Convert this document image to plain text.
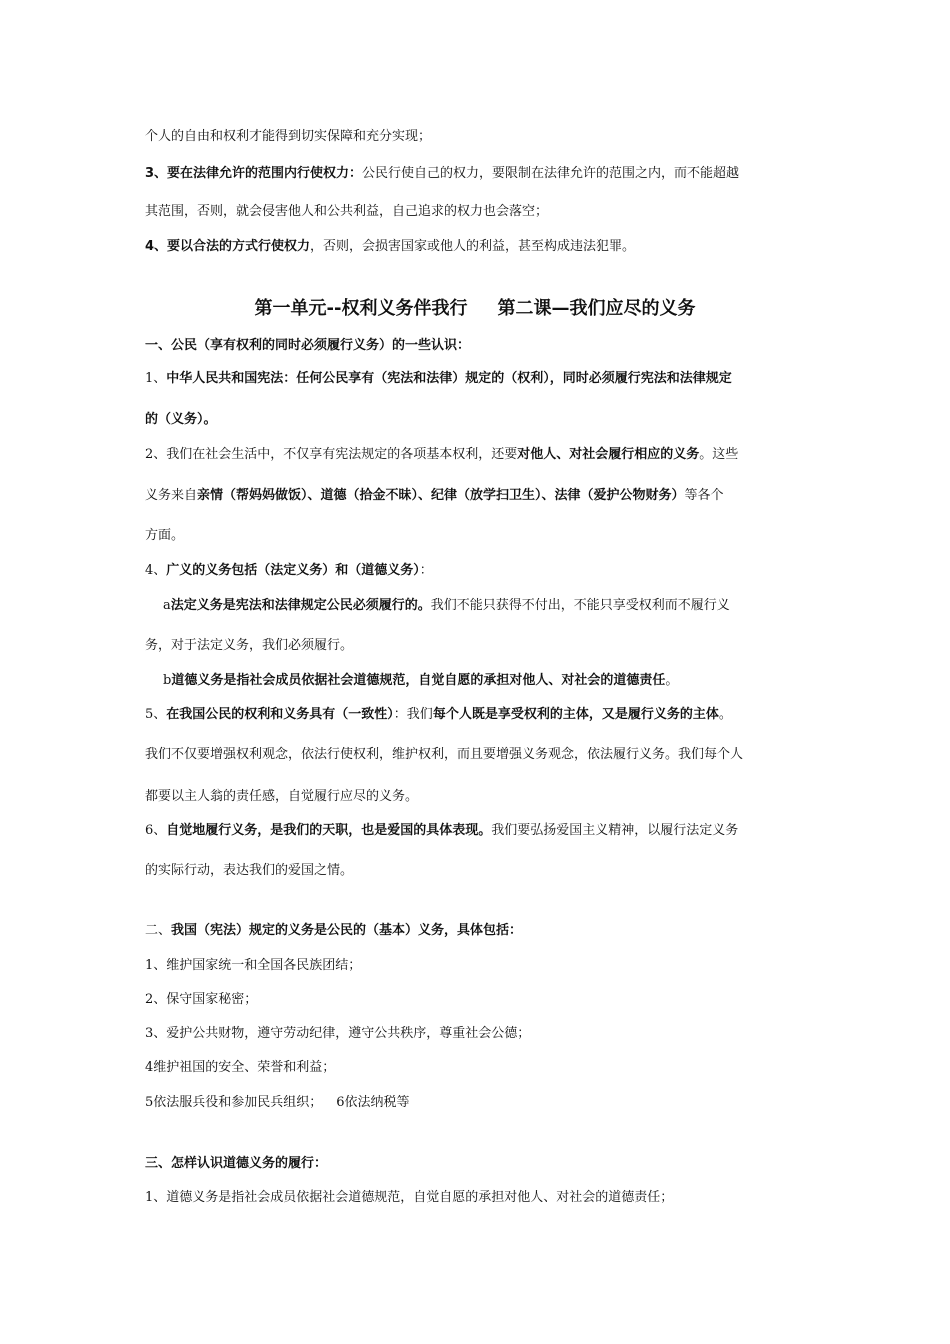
个人的自由和权利才能得到切实保障和充分实现；
3、要在法律允许的范围内行使权力：公民行使自己的权力，要限制在法律允许的范围之内，而不能超越
其范围，否则，就会侵害他人和公共利益，自己追求的权力也会落空；
4、要以合法的方式行使权力，否则，会损害国家或他人的利益，甚至构成违法犯罪。
第一单元--权利义务伴我行 第二课—我们应尽的义务
一、公民（享有权利的同时必须履行义务）的一些认识：
1、中华人民共和国宪法：任何公民享有（宪法和法律）规定的（权利），同时必须履行宪法和法律规定
的（义务）。
2、我们在社会生活中，不仅享有宪法规定的各项基本权利，还要对他人、对社会履行相应的义务。这些
义务来自亲情（帮妈妈做饭）、道德（拾金不昧）、纪律（放学扫卫生）、法律（爱护公物财务）等各个
方面。
4、广义的义务包括（法定义务）和（道德义务）：
a法定义务是宪法和法律规定公民必须履行的。我们不能只获得不付出，不能只享受权利而不履行义
务，对于法定义务，我们必须履行。
b道德义务是指社会成员依据社会道德规范，自觉自愿的承担对他人、对社会的道德责任。
5、在我国公民的权利和义务具有（一致性）：我们每个人既是享受权利的主体，又是履行义务的主体。
我们不仅要增强权利观念，依法行使权利，维护权利，而且要增强义务观念，依法履行义务。我们每个人
都要以主人翁的责任感，自觉履行应尽的义务。
6、自觉地履行义务，是我们的天职，也是爱国的具体表现。我们要弘扬爱国主义精神，以履行法定义务
的实际行动，表达我们的爱国之情。
二、我国（宪法）规定的义务是公民的（基本）义务，具体包括：
1、维护国家统一和全国各民族团结；
2、保守国家秘密；
3、爱护公共财物，遵守劳动纪律，遵守公共秩序，尊重社会公德；
4维护祖国的安全、荣誉和利益；
5依法服兵役和参加民兵组织； 6依法纳税等
三、怎样认识道德义务的履行：
1、道德义务是指社会成员依据社会道德规范，自觉自愿的承担对他人、对社会的道德责任；
